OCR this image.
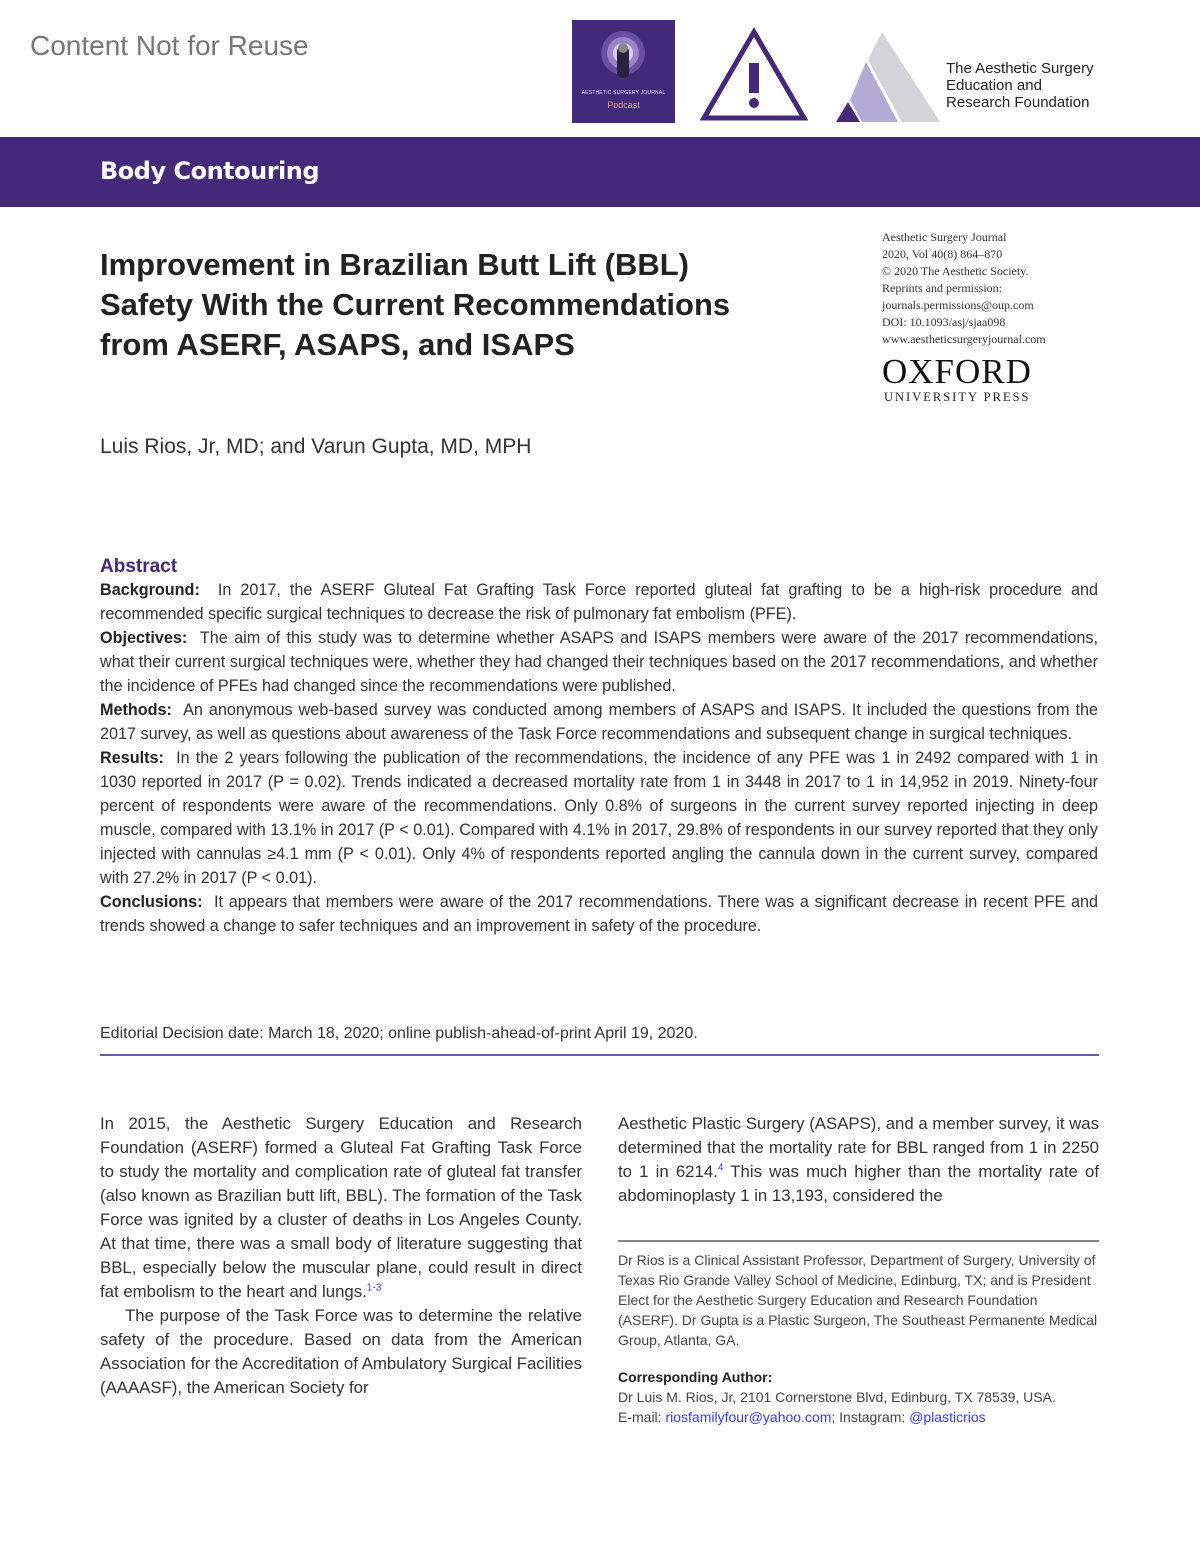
Content Not for Reuse
AESTHETIC SURGERY JOURNAL
Podcast
The Aesthetic Surgery
Education and
Research Foundation
Body Contouring
Improvement in Brazilian Butt Lift (BBL)
Safety With the Current Recommendations
from ASERF, ASAPS, and ISAPS
Luis Rios, Jr, MD; and Varun Gupta, MD, MPH
Aesthetic Surgery Journal
2020, Vol 40(8) 864–870
© 2020 The Aesthetic Society.
Reprints and permission:
journals.permissions@oup.com
DOI: 10.1093/asj/sjaa098
www.aestheticsurgeryjournal.com
OXFORD
UNIVERSITY PRESS
Abstract
Background: In 2017, the ASERF Gluteal Fat Grafting Task Force reported gluteal fat grafting to be a high-risk procedure and recommended specific surgical techniques to decrease the risk of pulmonary fat embolism (PFE).
Objectives: The aim of this study was to determine whether ASAPS and ISAPS members were aware of the 2017 recommendations, what their current surgical techniques were, whether they had changed their techniques based on the 2017 recommendations, and whether the incidence of PFEs had changed since the recommendations were published.
Methods: An anonymous web-based survey was conducted among members of ASAPS and ISAPS. It included the questions from the 2017 survey, as well as questions about awareness of the Task Force recommendations and subsequent change in surgical techniques.
Results: In the 2 years following the publication of the recommendations, the incidence of any PFE was 1 in 2492 compared with 1 in 1030 reported in 2017 (P = 0.02). Trends indicated a decreased mortality rate from 1 in 3448 in 2017 to 1 in 14,952 in 2019. Ninety-four percent of respondents were aware of the recommendations. Only 0.8% of surgeons in the current survey reported injecting in deep muscle, compared with 13.1% in 2017 (P < 0.01). Compared with 4.1% in 2017, 29.8% of respondents in our survey reported that they only injected with cannulas ≥4.1 mm (P < 0.01). Only 4% of respondents reported angling the cannula down in the current survey, compared with 27.2% in 2017 (P < 0.01).
Conclusions: It appears that members were aware of the 2017 recommendations. There was a significant decrease in recent PFE and trends showed a change to safer techniques and an improvement in safety of the procedure.
Editorial Decision date: March 18, 2020; online publish-ahead-of-print April 19, 2020.
In 2015, the Aesthetic Surgery Education and Research Foundation (ASERF) formed a Gluteal Fat Grafting Task Force to study the mortality and complication rate of gluteal fat transfer (also known as Brazilian butt lift, BBL). The formation of the Task Force was ignited by a cluster of deaths in Los Angeles County. At that time, there was a small body of literature suggesting that BBL, especially below the muscular plane, could result in direct fat embolism to the heart and lungs.$^{1-3}$
The purpose of the Task Force was to determine the relative safety of the procedure. Based on data from the American Association for the Accreditation of Ambulatory Surgical Facilities (AAAASF), the American Society for
Aesthetic Plastic Surgery (ASAPS), and a member survey, it was determined that the mortality rate for BBL ranged from 1 in 2250 to 1 in 6214.$^4$ This was much higher than the mortality rate of abdominoplasty 1 in 13,193, considered the
Dr Rios is a Clinical Assistant Professor, Department of Surgery, University of Texas Rio Grande Valley School of Medicine, Edinburg, TX; and is President Elect for the Aesthetic Surgery Education and Research Foundation (ASERF). Dr Gupta is a Plastic Surgeon, The Southeast Permanente Medical Group, Atlanta, GA.
Corresponding Author:
Dr Luis M. Rios, Jr, 2101 Cornerstone Blvd, Edinburg, TX 78539, USA.
E-mail: riosfamilyfour@yahoo.com; Instagram: @plasticrios
